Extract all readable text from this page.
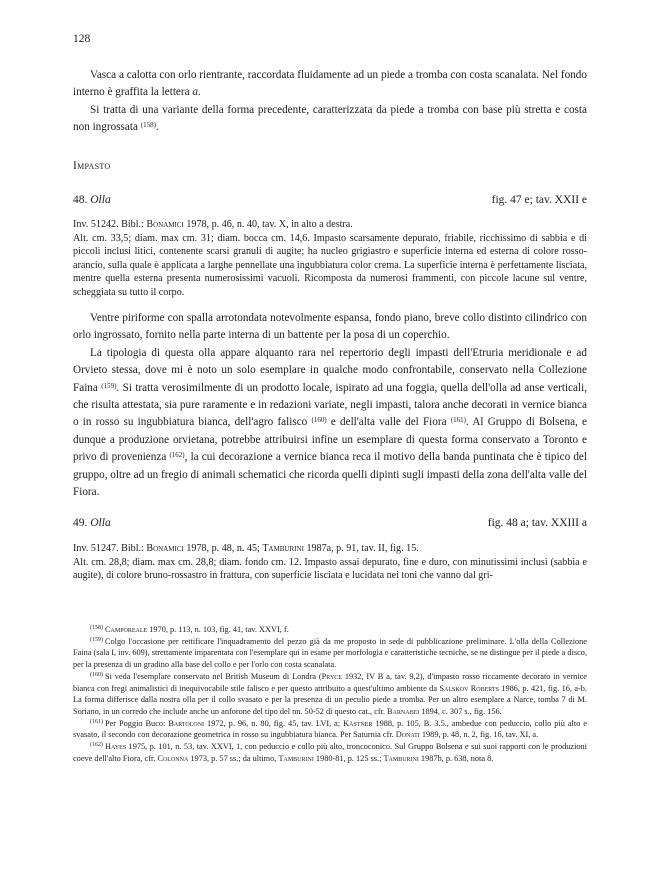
128

Vasca a calotta con orlo rientrante, raccordata fluidamente ad un piede a tromba con costa scanalata. Nel fondo interno è graffita la lettera a.

Si tratta di una variante della forma precedente, caratterizzata da piede a tromba con base più stretta e costa non ingrossata $^{(158)}$.

Impasto
48. Olla	fig. 47 e; tav. XXII e

Inv. 51242. Bibl.: Bonamici 1978, p. 46, n. 40, tav. X, in alto a destra.

Alt. cm. 33,5; diam. max cm. 31; diam. bocca cm. 14,6. Impasto scarsamente depurato, friabile, ricchissimo di sabbia e di piccoli inclusi litici, contenente scarsi granuli di augite; ha nucleo grigiastro e superficie interna ed esterna di colore rosso-arancio, sulla quale è applicata a larghe pennellate una ingubbiatura color crema. La superficie interna è perfettamente lisciata, mentre quella esterna presenta numerosissimi vacuoli. Ricomposta da numerosi frammenti, con piccole lacune sul ventre, scheggiata su tutto il corpo.

Ventre piriforme con spalla arrotondata notevolmente espansa, fondo piano, breve collo distinto cilindrico con orlo ingrossato, fornito nella parte interna di un battente per la posa di un coperchio.

La tipologia di questa olla appare alquanto rara nel repertorio degli impasti dell'Etruria meridionale e ad Orvieto stessa, dove mi è noto un solo esemplare in qualche modo confrontabile, conservato nella Collezione Faina $^{(159)}$. Si tratta verosimilmente di un prodotto locale, ispirato ad una foggia, quella dell'olla ad anse verticali, che risulta attestata, sia pure raramente e in redazioni variate, negli impasti, talora anche decorati in vernice bianca o in rosso su ingubbiatura bianca, dell'agro falisco $^{(160)}$ e dell'alta valle del Fiora $^{(161)}$. Al Gruppo di Bolsena, e dunque a produzione orvietana, potrebbe attribuirsi infine un esemplare di questa forma conservato a Toronto e privo di provenienza $^{(162)}$, la cui decorazione a vernice bianca reca il motivo della banda puntinata che è tipico del gruppo, oltre ad un fregio di animali schematici che ricorda quelli dipinti sugli impasti della zona dell'alta valle del Fiora.

49. Olla	fig. 48 a; tav. XXIII a

Inv. 51247. Bibl.: Bonamici 1978, p. 48, n. 45; Tamburini 1987a, p. 91, tav. II, fig. 15.

Alt. cm. 28,8; diam. max cm. 28,8; diam. fondo cm. 12. Impasto assai depurato, fine e duro, con minutissimi inclusi (sabbia e augite), di colore bruno-rossastro in frattura, con superficie lisciata e lucidata nei toni che vanno dal gri-

$^{(158)}$ Camporeale 1970, p. 113, n. 103, fig. 41, tav. XXVI, f.

$^{(159)}$ Colgo l'occasione per rettificare l'inquadramento del pezzo già da me proposto in sede di pubblicazione preliminare. L'olla della Collezione Faina (sala I, inv. 609), strettamente imparentata con l'esemplare qui in esame per morfologia e caratteristiche tecniche, se ne distingue per il piede a disco, per la presenza di un gradino alla base del collo e per l'orlo con costa scanalata.

$^{(160)}$ Si veda l'esemplare conservato nel British Museum di Londra (Pryce 1932, IV B a, tav. 9,2), d'impasto rosso riccamente decorato in vernice bianca con fregi animalistici di inequivocabile stile falisco e per questo attribuito a quest'ultimo ambiente da Salskov Roberts 1986, p. 421, fig. 16, a-b. La forma differisce dalla nostra olla per il collo svasato e per la presenza di un peculio piede a tromba. Per un altro esemplare a Narce, tomba 7 di M. Soriano, in un corredo che include anche un anforone del tipo del nn. 50-52 di questo cat., cfr. Barnabei 1894, c. 307 s., fig. 156.

$^{(161)}$ Per Poggio Buco: Bartoloni 1972, p. 96, n. 80, fig. 45, tav. LVI, a; Kästner 1988, p. 105, B. 3.5., ambedue con peduccio, collo più alto e svasato, il secondo con decorazione geometrica in rosso su ingubbiatura bianca. Per Saturnia cfr. Donati 1989, p. 48, n. 2, fig. 16, tav. XI, a.

$^{(162)}$ Hayes 1975, p. 101, n. 53, tav. XXVI, 1, con peduccio e collo più alto, troncoconico. Sul Gruppo Bolsena e sui suoi rapporti con le produzioni coeve dell'alto Fiora, cfr. Colonna 1973, p. 57 ss.; da ultimo, Tamburini 1980-81, p. 125 ss.; Tamburini 1987b, p. 638, nota 8.
